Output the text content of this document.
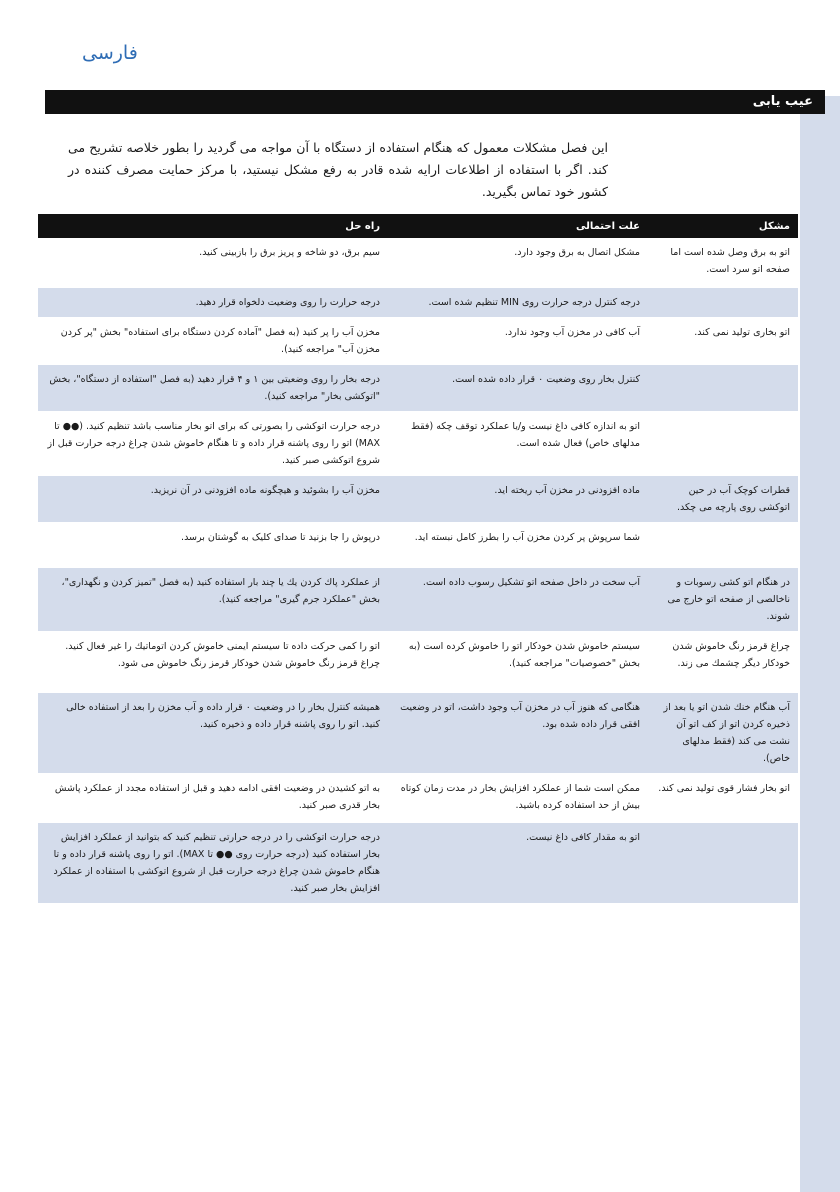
فارسی
عیب یابی

این فصل مشکلات معمول که هنگام استفاده از دستگاه با آن مواجه می گردید را بطور خلاصه تشریح می کند. اگر با استفاده از اطلاعات ارایه شده قادر به رفع مشکل نیستید، با مرکز حمایت مصرف کننده در کشور خود تماس بگیرید.

مشکل	علت احتمالی	راه حل
اتو به برق وصل شده است اما صفحه اتو سرد است.	مشکل اتصال به برق وجود دارد.	سیم برق، دو شاخه و پریز برق را بازبینی کنید.
	درجه کنترل درجه حرارت روی MIN تنظیم شده است.	درجه حرارت را روی وضعیت دلخواه قرار دهید.
اتو بخاری تولید نمی کند.	آب کافی در مخزن آب وجود ندارد.	مخزن آب را پر کنید (به فصل "آماده کردن دستگاه برای استفاده" بخش "پر کردن مخزن آب" مراجعه کنید).
	کنترل بخار روی وضعیت ۰ قرار داده شده است.	درجه بخار را روی وضعیتی بین ۱ و ۴ قرار دهید (به فصل "استفاده از دستگاه"، بخش "اتوکشی بخار" مراجعه کنید).
	اتو به اندازه کافی داغ نیست و/یا عملکرد توقف چکه (فقط مدلهای خاص) فعال شده است.	درجه حرارت اتوکشی را بصورتی که برای اتو بخار مناسب باشد تنظیم کنید. (●● تا MAX) اتو را روی پاشنه قرار داده و تا هنگام خاموش شدن چراغ درجه حرارت قبل از شروع اتوکشی صبر کنید.
قطرات کوچک آب در حین اتوکشی روی پارچه می چکد.	ماده افزودنی در مخزن آب ریخته اید.	مخزن آب را بشوئید و هیچگونه ماده افزودنی در آن نریزید.
	شما سرپوش پر کردن مخزن آب را بطرز کامل نبسته اید.	درپوش را جا بزنید تا صدای کلیک به گوشتان برسد.
در هنگام اتو کشی رسوبات و ناخالصی از صفحه اتو خارج می شوند.	آب سخت در داخل صفحه اتو تشکیل رسوب داده است.	از عملکرد پاك کردن یك یا چند بار استفاده کنید (به فصل "تمیز کردن و نگهداری"، بخش "عملکرد جرم گیری" مراجعه کنید).
چراغ قرمز رنگ خاموش شدن خودکار دیگر چشمك می زند.	سیستم خاموش شدن خودکار اتو را خاموش کرده است (به بخش "خصوصیات" مراجعه کنید).	اتو را کمی حرکت داده تا سیستم ایمنی خاموش کردن اتوماتیك را غیر فعال کنید. چراغ قرمز رنگ خاموش شدن خودکار قرمز رنگ خاموش می شود.
آب هنگام خنك شدن اتو یا بعد از ذخیره کردن اتو از کف اتو آن نشت می کند (فقط مدلهای خاص).	هنگامی که هنوز آب در مخزن آب وجود داشت، اتو در وضعیت افقی قرار داده شده بود.	همیشه کنترل بخار را در وضعیت ۰ قرار داده و آب مخزن را بعد از استفاده خالی کنید. اتو را روی پاشنه قرار داده و ذخیره کنید.
اتو بخار فشار قوی تولید نمی کند.	ممکن است شما از عملکرد افزایش بخار در مدت زمان کوتاه بیش از حد استفاده کرده باشید.	به اتو کشیدن در وضعیت افقی ادامه دهید و قبل از استفاده مجدد از عملکرد پاشش بخار قدری صبر کنید.
	اتو به مقدار کافی داغ نیست.	درجه حرارت اتوکشی را در درجه حرارتی تنظیم کنید که بتوانید از عملکرد افزایش بخار استفاده کنید (درجه حرارت روی ●● تا MAX). اتو را روی پاشنه قرار داده و تا هنگام خاموش شدن چراغ درجه حرارت قبل از شروع اتوکشی با استفاده از عملکرد افزایش بخار صبر کنید.
